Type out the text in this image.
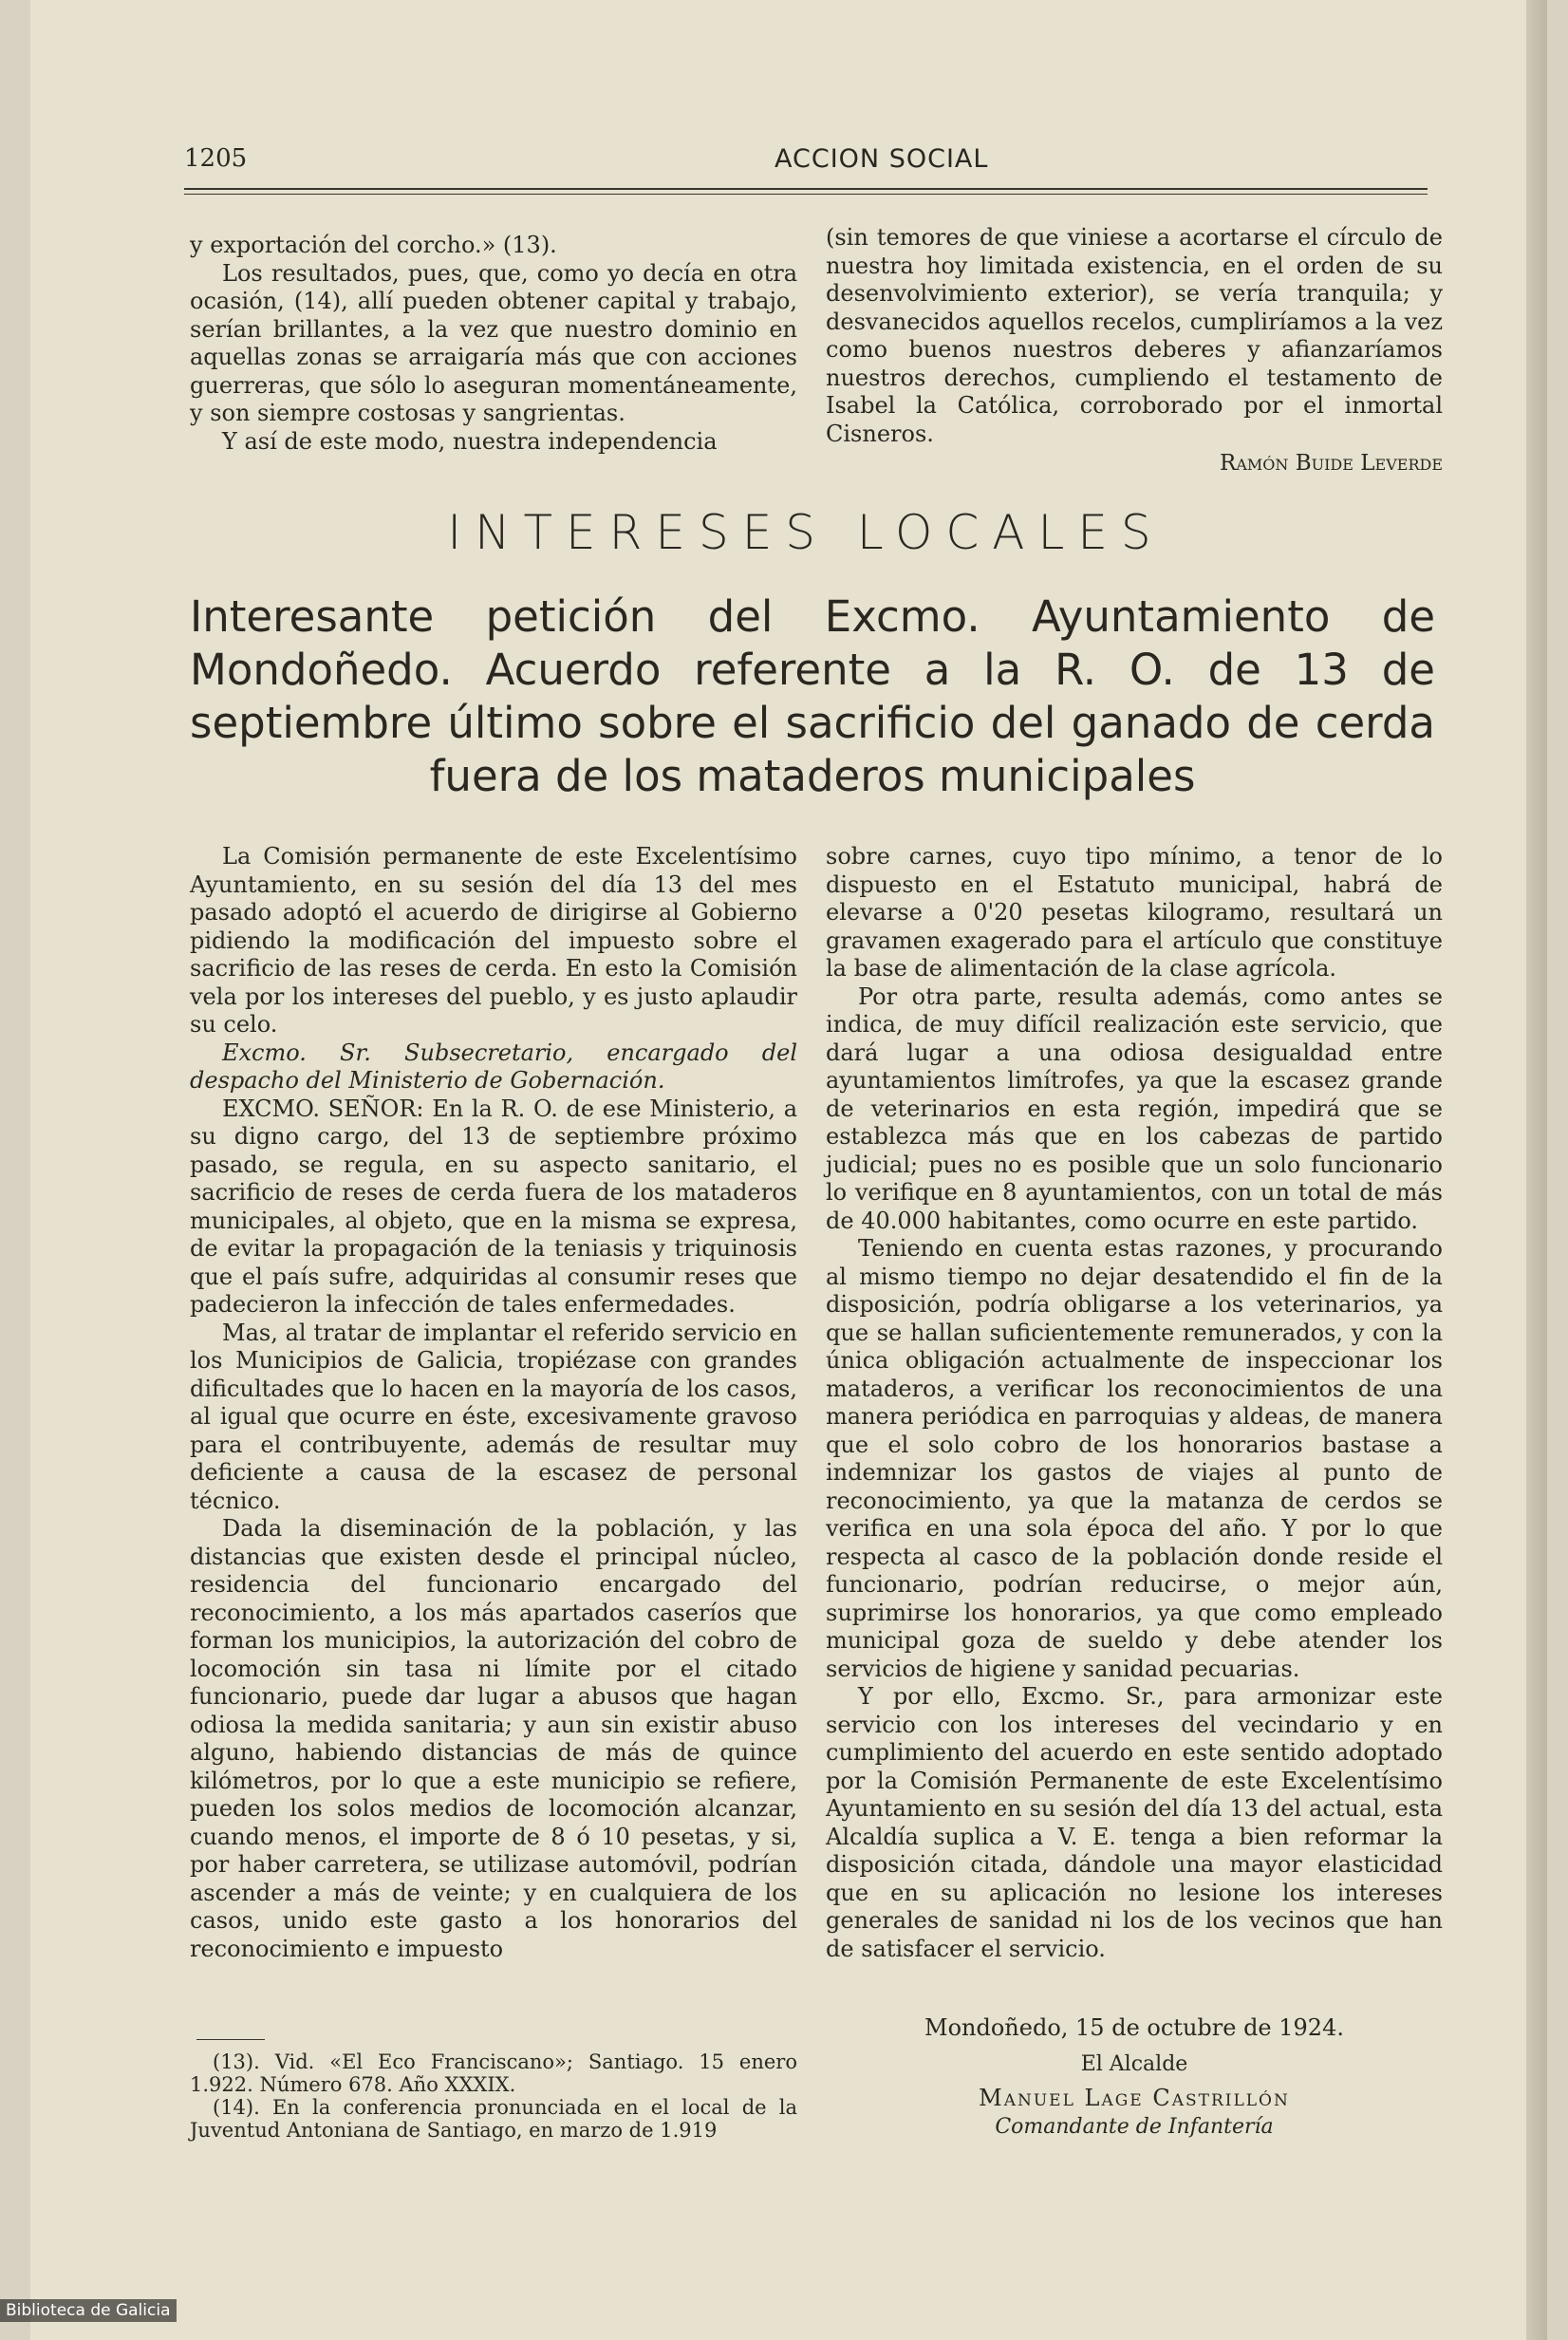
1205	ACCION SOCIAL

y exportación del corcho.» (13).

Los resultados, pues, que, como yo decía en otra ocasión, (14), allí pueden obtener capital y trabajo, serían brillantes, a la vez que nuestro dominio en aquellas zonas se arraigaría más que con acciones guerreras, que sólo lo aseguran momentáneamente, y son siempre costosas y sangrientas.

Y así de este modo, nuestra independencia

(sin temores de que viniese a acortarse el círculo de nuestra hoy limitada existencia, en el orden de su desenvolvimiento exterior), se vería tranquila; y desvanecidos aquellos recelos, cumpliríamos a la vez como buenos nuestros deberes y afianzaríamos nuestros derechos, cumpliendo el testamento de Isabel la Católica, corroborado por el inmortal Cisneros.

Ramón Buide Leverde
INTERESES LOCALES
Interesante petición del Excmo. Ayuntamiento de Mondoñedo. Acuerdo referente a la R. O. de 13 de septiembre último sobre el sacrificio del ganado de cerda fuera de los mataderos municipales

La Comisión permanente de este Excelentísimo Ayuntamiento, en su sesión del día 13 del mes pasado adoptó el acuerdo de dirigirse al Gobierno pidiendo la modificación del impuesto sobre el sacrificio de las reses de cerda. En esto la Comisión vela por los intereses del pueblo, y es justo aplaudir su celo.

Excmo. Sr. Subsecretario, encargado del despacho del Ministerio de Gobernación.

EXCMO. SEÑOR: En la R. O. de ese Ministerio, a su digno cargo, del 13 de septiembre próximo pasado, se regula, en su aspecto sanitario, el sacrificio de reses de cerda fuera de los mataderos municipales, al objeto, que en la misma se expresa, de evitar la propagación de la teniasis y triquinosis que el país sufre, adquiridas al consumir reses que padecieron la infección de tales enfermedades.

Mas, al tratar de implantar el referido servicio en los Municipios de Galicia, tropiézase con grandes dificultades que lo hacen en la mayoría de los casos, al igual que ocurre en éste, excesivamente gravoso para el contribuyente, además de resultar muy deficiente a causa de la escasez de personal técnico.

Dada la diseminación de la población, y las distancias que existen desde el principal núcleo, residencia del funcionario encargado del reconocimiento, a los más apartados caseríos que forman los municipios, la autorización del cobro de locomoción sin tasa ni límite por el citado funcionario, puede dar lugar a abusos que hagan odiosa la medida sanitaria; y aun sin existir abuso alguno, habiendo distancias de más de quince kilómetros, por lo que a este municipio se refiere, pueden los solos medios de locomoción alcanzar, cuando menos, el importe de 8 ó 10 pesetas, y si, por haber carretera, se utilizase automóvil, podrían ascender a más de veinte; y en cualquiera de los casos, unido este gasto a los honorarios del reconocimiento e impuesto

sobre carnes, cuyo tipo mínimo, a tenor de lo dispuesto en el Estatuto municipal, habrá de elevarse a 0'20 pesetas kilogramo, resultará un gravamen exagerado para el artículo que constituye la base de alimentación de la clase agrícola.

Por otra parte, resulta además, como antes se indica, de muy difícil realización este servicio, que dará lugar a una odiosa desigualdad entre ayuntamientos limítrofes, ya que la escasez grande de veterinarios en esta región, impedirá que se establezca más que en los cabezas de partido judicial; pues no es posible que un solo funcionario lo verifique en 8 ayuntamientos, con un total de más de 40.000 habitantes, como ocurre en este partido.

Teniendo en cuenta estas razones, y procurando al mismo tiempo no dejar desatendido el fin de la disposición, podría obligarse a los veterinarios, ya que se hallan suficientemente remunerados, y con la única obligación actualmente de inspeccionar los mataderos, a verificar los reconocimientos de una manera periódica en parroquias y aldeas, de manera que el solo cobro de los honorarios bastase a indemnizar los gastos de viajes al punto de reconocimiento, ya que la matanza de cerdos se verifica en una sola época del año. Y por lo que respecta al casco de la población donde reside el funcionario, podrían reducirse, o mejor aún, suprimirse los honorarios, ya que como empleado municipal goza de sueldo y debe atender los servicios de higiene y sanidad pecuarias.

Y por ello, Excmo. Sr., para armonizar este servicio con los intereses del vecindario y en cumplimiento del acuerdo en este sentido adoptado por la Comisión Permanente de este Excelentísimo Ayuntamiento en su sesión del día 13 del actual, esta Alcaldía suplica a V. E. tenga a bien reformar la disposición citada, dándole una mayor elasticidad que en su aplicación no lesione los intereses generales de sanidad ni los de los vecinos que han de satisfacer el servicio.

Mondoñedo, 15 de octubre de 1924.
El Alcalde
Manuel Lage Castrillón
Comandante de Infantería

(13). Vid. «El Eco Franciscano»; Santiago. 15 enero 1.922. Número 678. Año XXXIX.

(14). En la conferencia pronunciada en el local de la Juventud Antoniana de Santiago, en marzo de 1.919

Biblioteca de Galicia
